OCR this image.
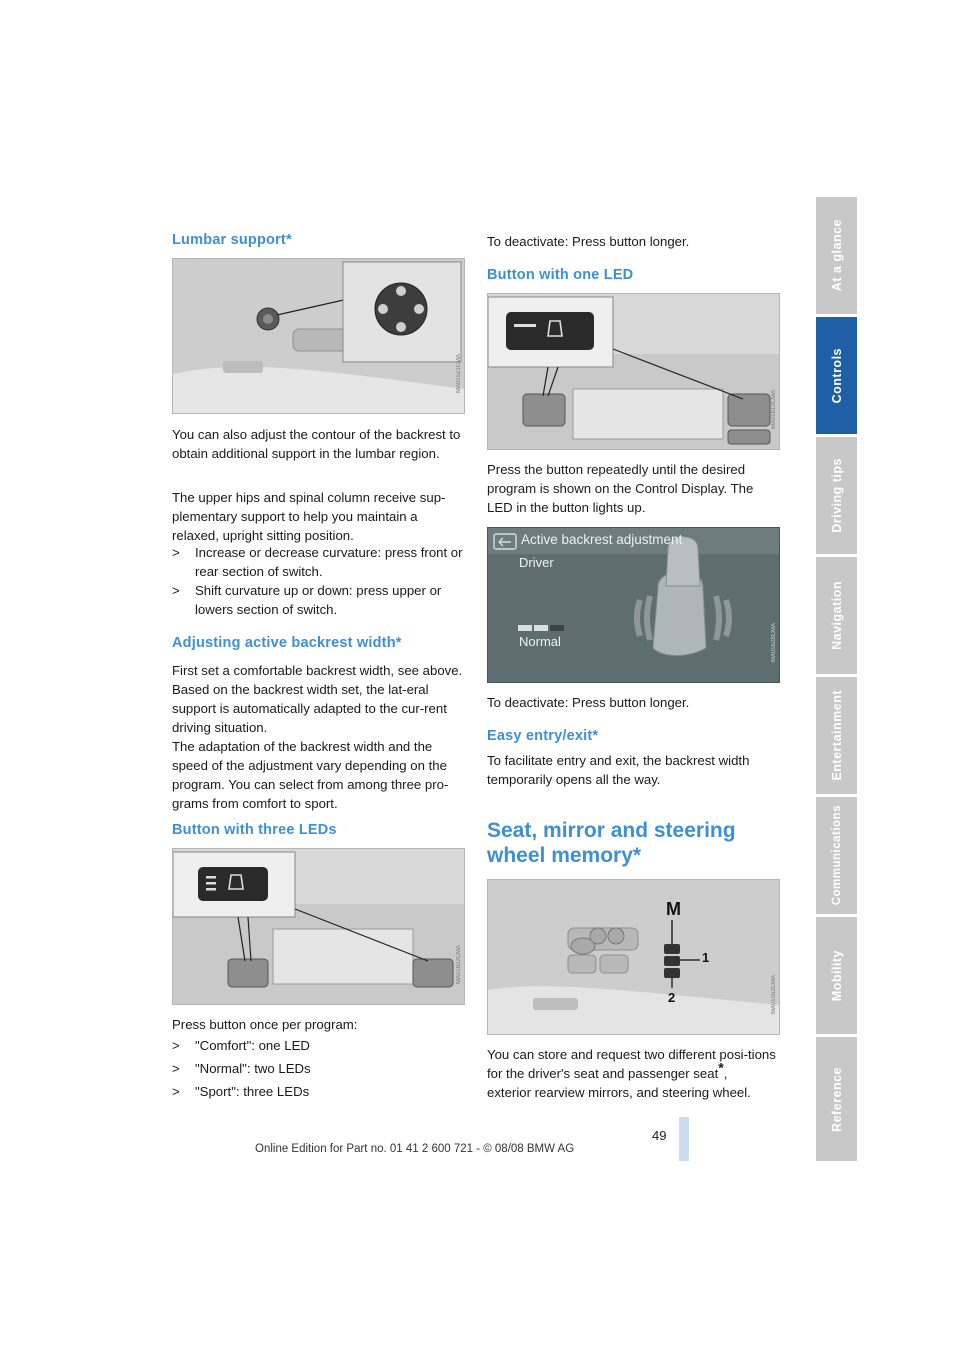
Lumbar support*
MA01521CMA

You can also adjust the contour of the backrest to obtain additional support in the lumbar region.

The upper hips and spinal column receive sup-plementary support to help you maintain a relaxed, upright sitting position.

> Increase or decrease curvature: press front or rear section of switch.
> Shift curvature up or down: press upper or lowers section of switch.
Adjusting active backrest width*

First set a comfortable backrest width, see above. Based on the backrest width set, the lat-eral support is automatically adapted to the cur-rent driving situation.

The adaptation of the backrest width and the speed of the adjustment vary depending on the program. You can select from among three pro-grams from comfort to sport.

Button with three LEDs
MA01622CMA

Press button once per program:

> "Comfort": one LED
> "Normal": two LEDs
> "Sport": three LEDs

To deactivate: Press button longer.

Button with one LED
MA01610CMA

Press the button repeatedly until the desired program is shown on the Control Display. The LED in the button lights up.

Active backrest adjustment
Driver
Normal	MA01628CMA

To deactivate: Press button longer.

Easy entry/exit*

To facilitate entry and exit, the backrest width temporarily opens all the way.

Seat, mirror and steering
wheel memory*
M
1
2	MA01052CMA

You can store and request two different posi-tions for the driver's seat and passenger seat*,
exterior rearview mirrors, and steering wheel.

At a glance
Controls
Driving tips
Navigation
Entertainment
Communications
Mobility
Reference
49
Online Edition for Part no. 01 41 2 600 721 - © 08/08 BMW AG
